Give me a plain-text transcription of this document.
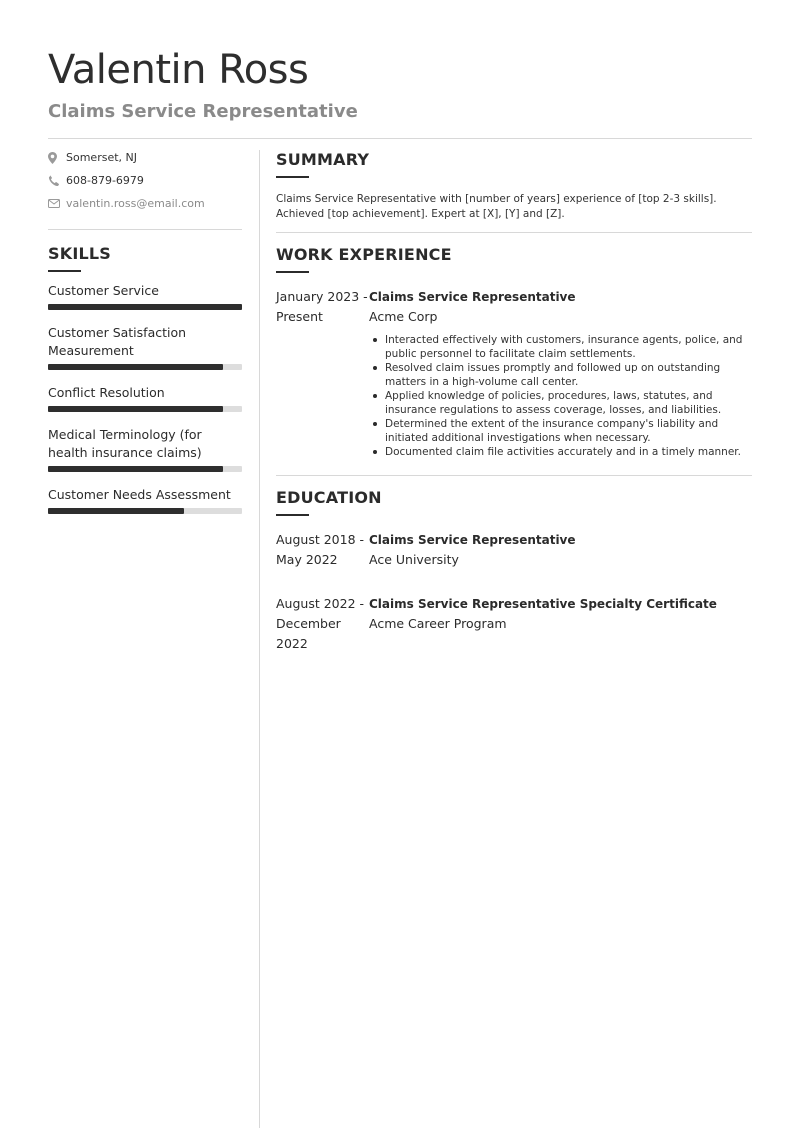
Valentin Ross
Claims Service Representative
Somerset, NJ
608-879-6979
valentin.ross@email.com
SKILLS
Customer Service
Customer Satisfaction Measurement
Conflict Resolution
Medical Terminology (for health insurance claims)
Customer Needs Assessment
SUMMARY
Claims Service Representative with [number of years] experience of [top 2-3 skills]. Achieved [top achievement]. Expert at [X], [Y] and [Z].
WORK EXPERIENCE
January 2023 -
Present
Claims Service Representative
Acme Corp
Interacted effectively with customers, insurance agents, police, and public personnel to facilitate claim settlements.
Resolved claim issues promptly and followed up on outstanding matters in a high-volume call center.
Applied knowledge of policies, procedures, laws, statutes, and insurance regulations to assess coverage, losses, and liabilities.
Determined the extent of the insurance company's liability and initiated additional investigations when necessary.
Documented claim file activities accurately and in a timely manner.
EDUCATION
August 2018 -
May 2022
Claims Service Representative
Ace University
August 2022 -
December 2022
Claims Service Representative Specialty Certificate
Acme Career Program
